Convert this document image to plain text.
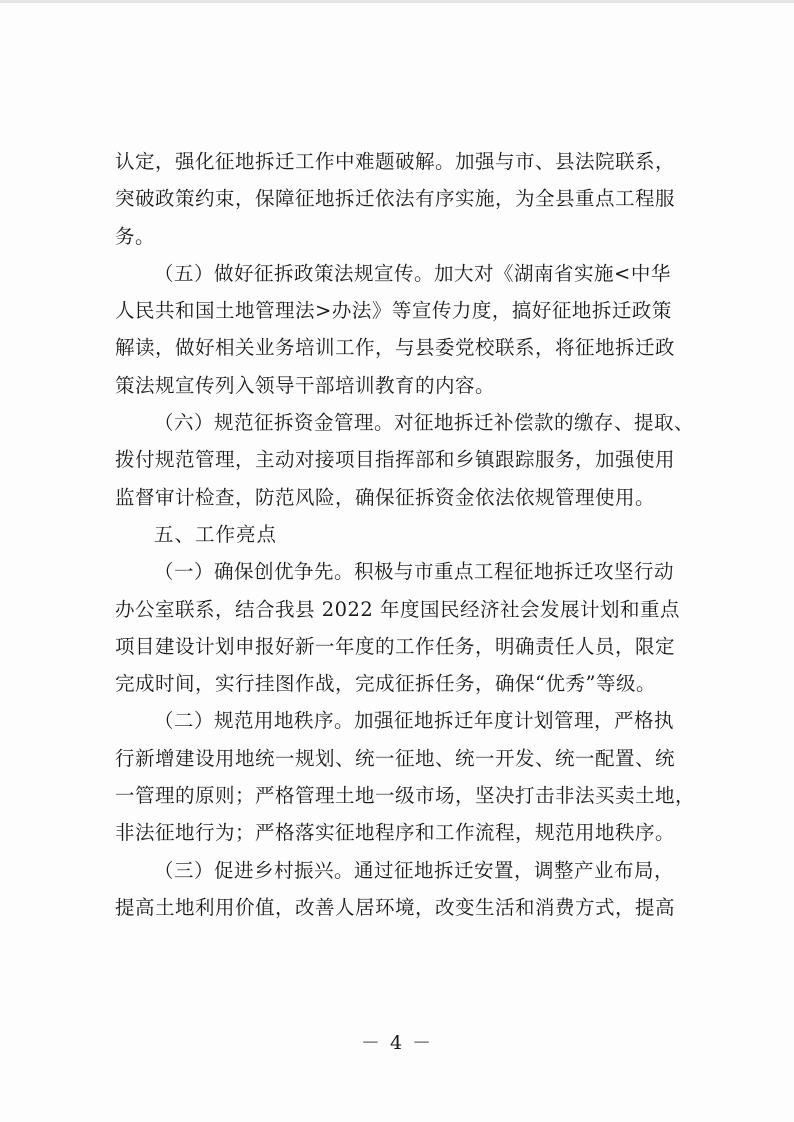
认定，强化征地拆迁工作中难题破解。加强与市、县法院联系，
突破政策约束，保障征地拆迁依法有序实施，为全县重点工程服
务。
（五）做好征拆政策法规宣传。加大对《湖南省实施<中华
人民共和国土地管理法>办法》等宣传力度，搞好征地拆迁政策
解读，做好相关业务培训工作，与县委党校联系，将征地拆迁政
策法规宣传列入领导干部培训教育的内容。
（六）规范征拆资金管理。对征地拆迁补偿款的缴存、提取、
拨付规范管理，主动对接项目指挥部和乡镇跟踪服务，加强使用
监督审计检查，防范风险，确保征拆资金依法依规管理使用。
五、工作亮点
（一）确保创优争先。积极与市重点工程征地拆迁攻坚行动
办公室联系，结合我县 2022 年度国民经济社会发展计划和重点
项目建设计划申报好新一年度的工作任务，明确责任人员，限定
完成时间，实行挂图作战，完成征拆任务，确保“优秀”等级。
（二）规范用地秩序。加强征地拆迁年度计划管理，严格执
行新增建设用地统一规划、统一征地、统一开发、统一配置、统
一管理的原则；严格管理土地一级市场，坚决打击非法买卖土地，
非法征地行为；严格落实征地程序和工作流程，规范用地秩序。
（三）促进乡村振兴。通过征地拆迁安置，调整产业布局，
提高土地利用价值，改善人居环境，改变生活和消费方式，提高
－ 4 －
